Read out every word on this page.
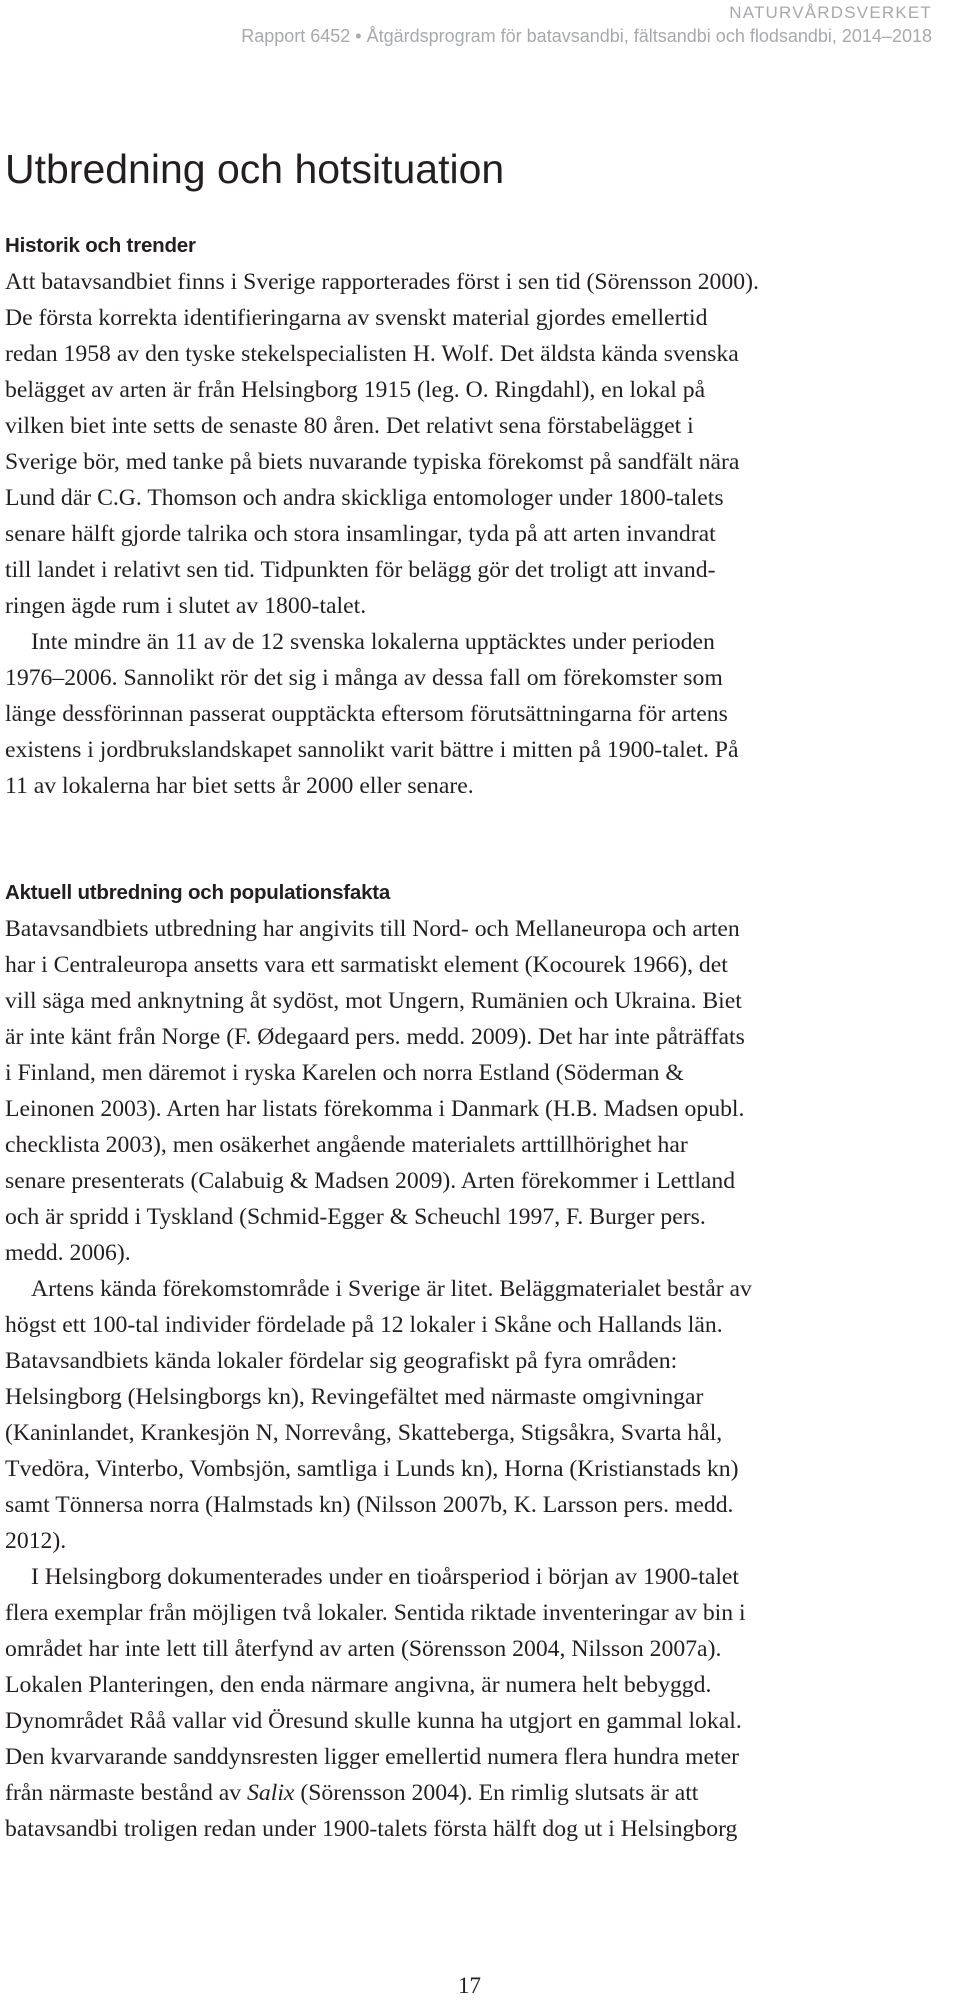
NATURVÅRDSVERKET
Rapport 6452 • Åtgärdsprogram för batavsandbi, fältsandbi och flodsandbi, 2014–2018
Utbredning och hotsituation
Historik och trender

Att batavsandbiet finns i Sverige rapporterades först i sen tid (Sörensson 2000).
De första korrekta identifieringarna av svenskt material gjordes emellertid
redan 1958 av den tyske stekelspecialisten H. Wolf. Det äldsta kända svenska
belägget av arten är från Helsingborg 1915 (leg. O. Ringdahl), en lokal på
vilken biet inte setts de senaste 80 åren. Det relativt sena förstabelägget i
Sverige bör, med tanke på biets nuvarande typiska förekomst på sandfält nära
Lund där C.G. Thomson och andra skickliga entomologer under 1800-talets
senare hälft gjorde talrika och stora insamlingar, tyda på att arten invandrat
till landet i relativt sen tid. Tidpunkten för belägg gör det troligt att invand-
ringen ägde rum i slutet av 1800-talet.

Inte mindre än 11 av de 12 svenska lokalerna upptäcktes under perioden
1976–2006. Sannolikt rör det sig i många av dessa fall om förekomster som
länge dessförinnan passerat oupptäckta eftersom förutsättningarna för artens
existens i jordbrukslandskapet sannolikt varit bättre i mitten på 1900-talet. På
11 av lokalerna har biet setts år 2000 eller senare.

Aktuell utbredning och populationsfakta

Batavsandbiets utbredning har angivits till Nord- och Mellaneuropa och arten
har i Centraleuropa ansetts vara ett sarmatiskt element (Kocourek 1966), det
vill säga med anknytning åt sydöst, mot Ungern, Rumänien och Ukraina. Biet
är inte känt från Norge (F. Ødegaard pers. medd. 2009). Det har inte påträffats
i Finland, men däremot i ryska Karelen och norra Estland (Söderman &
Leinonen 2003). Arten har listats förekomma i Danmark (H.B. Madsen opubl.
checklista 2003), men osäkerhet angående materialets arttillhörighet har
senare presenterats (Calabuig & Madsen 2009). Arten förekommer i Lettland
och är spridd i Tyskland (Schmid-Egger & Scheuchl 1997, F. Burger pers.
medd. 2006).

Artens kända förekomstområde i Sverige är litet. Beläggmaterialet består av
högst ett 100-tal individer fördelade på 12 lokaler i Skåne och Hallands län.
Batavsandbiets kända lokaler fördelar sig geografiskt på fyra områden:
Helsingborg (Helsingborgs kn), Revingefältet med närmaste omgivningar
(Kaninlandet, Krankesjön N, Norrevång, Skatteberga, Stigsåkra, Svarta hål,
Tvedöra, Vinterbo, Vombsjön, samtliga i Lunds kn), Horna (Kristianstads kn)
samt Tönnersa norra (Halmstads kn) (Nilsson 2007b, K. Larsson pers. medd.
2012).

I Helsingborg dokumenterades under en tioårsperiod i början av 1900-talet
flera exemplar från möjligen två lokaler. Sentida riktade inventeringar av bin i
området har inte lett till återfynd av arten (Sörensson 2004, Nilsson 2007a).
Lokalen Planteringen, den enda närmare angivna, är numera helt bebyggd.
Dynområdet Råå vallar vid Öresund skulle kunna ha utgjort en gammal lokal.
Den kvarvarande sanddynsresten ligger emellertid numera flera hundra meter
från närmaste bestånd av Salix (Sörensson 2004). En rimlig slutsats är att
batavsandbi troligen redan under 1900-talets första hälft dog ut i Helsingborg

17
